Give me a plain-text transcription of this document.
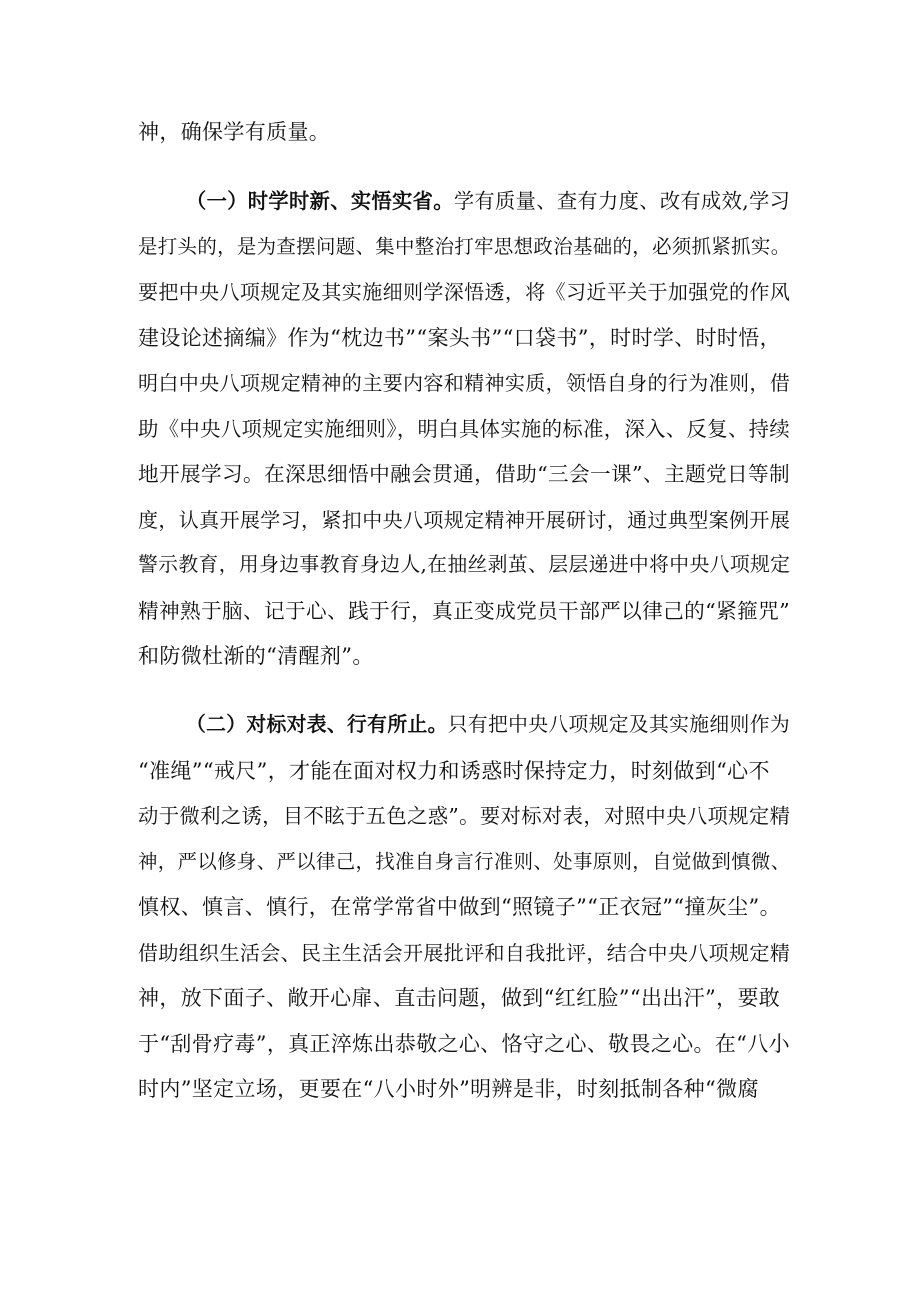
神，确保学有质量。

（一）时学时新、实悟实省。学有质量、查有力度、改有成效,学习

是打头的，是为查摆问题、集中整治打牢思想政治基础的，必须抓紧抓实。

要把中央八项规定及其实施细则学深悟透，将《习近平关于加强党的作风

建设论述摘编》作为“枕边书”“案头书”“口袋书”，时时学、时时悟，

明白中央八项规定精神的主要内容和精神实质，领悟自身的行为准则，借

助《中央八项规定实施细则》，明白具体实施的标准，深入、反复、持续

地开展学习。在深思细悟中融会贯通，借助“三会一课”、主题党日等制

度，认真开展学习，紧扣中央八项规定精神开展研讨，通过典型案例开展

警示教育，用身边事教育身边人,在抽丝剥茧、层层递进中将中央八项规定

精神熟于脑、记于心、践于行，真正变成党员干部严以律己的“紧箍咒”

和防微杜渐的“清醒剂”。

（二）对标对表、行有所止。只有把中央八项规定及其实施细则作为

“准绳”“戒尺”，才能在面对权力和诱惑时保持定力，时刻做到“心不

动于微利之诱，目不眩于五色之惑”。要对标对表，对照中央八项规定精

神，严以修身、严以律己，找准自身言行准则、处事原则，自觉做到慎微、

慎权、慎言、慎行，在常学常省中做到“照镜子”“正衣冠”“撞灰尘”。

借助组织生活会、民主生活会开展批评和自我批评，结合中央八项规定精

神，放下面子、敞开心扉、直击问题，做到“红红脸”“出出汗”，要敢

于“刮骨疗毒”，真正淬炼出恭敬之心、恪守之心、敬畏之心。在“八小

时内”坚定立场，更要在“八小时外”明辨是非，时刻抵制各种“微腐
